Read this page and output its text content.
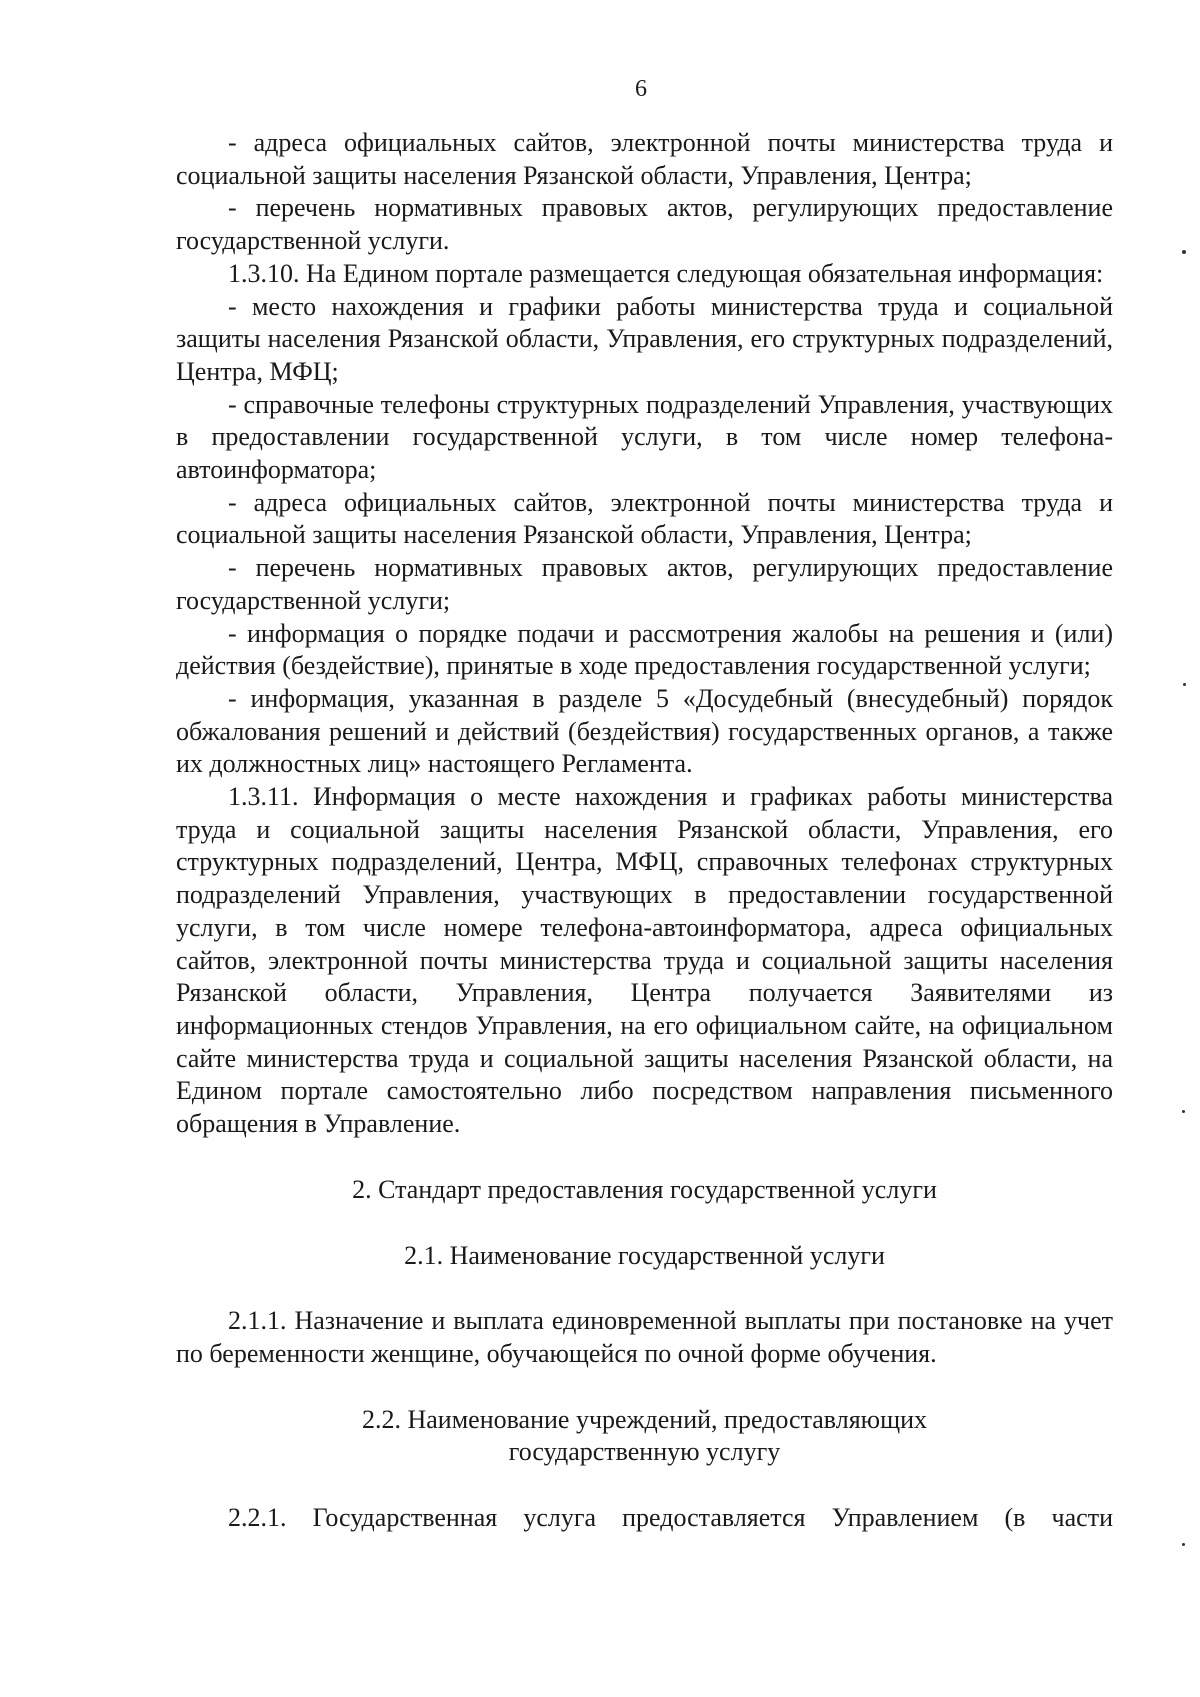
6

- адреса официальных сайтов, электронной почты министерства труда и социальной защиты населения Рязанской области, Управления, Центра;

- перечень нормативных правовых актов, регулирующих предоставление государственной услуги.

1.3.10. На Едином портале размещается следующая обязательная информация:

- место нахождения и графики работы министерства труда и социальной защиты населения Рязанской области, Управления, его структурных подразделений, Центра, МФЦ;

- справочные телефоны структурных подразделений Управления, участвующих в предоставлении государственной услуги, в том числе номер телефона-автоинформатора;

- адреса официальных сайтов, электронной почты министерства труда и социальной защиты населения Рязанской области, Управления, Центра;

- перечень нормативных правовых актов, регулирующих предоставление государственной услуги;

- информация о порядке подачи и рассмотрения жалобы на решения и (или) действия (бездействие), принятые в ходе предоставления государственной услуги;

- информация, указанная в разделе 5 «Досудебный (внесудебный) порядок обжалования решений и действий (бездействия) государственных органов, а также их должностных лиц» настоящего Регламента.

1.3.11. Информация о месте нахождения и графиках работы министерства труда и социальной защиты населения Рязанской области, Управления, его структурных подразделений, Центра, МФЦ, справочных телефонах структурных подразделений Управления, участвующих в предоставлении государственной услуги, в том числе номере телефона-автоинформатора, адреса официальных сайтов, электронной почты министерства труда и социальной защиты населения Рязанской области, Управления, Центра получается Заявителями из информационных стендов Управления, на его официальном сайте, на официальном сайте министерства труда и социальной защиты населения Рязанской области, на Едином портале самостоятельно либо посредством направления письменного обращения в Управление.

2. Стандарт предоставления государственной услуги

2.1. Наименование государственной услуги

2.1.1. Назначение и выплата единовременной выплаты при постановке на учет по беременности женщине, обучающейся по очной форме обучения.

2.2. Наименование учреждений, предоставляющих
государственную услугу

2.2.1. Государственная услуга предоставляется Управлением (в части
